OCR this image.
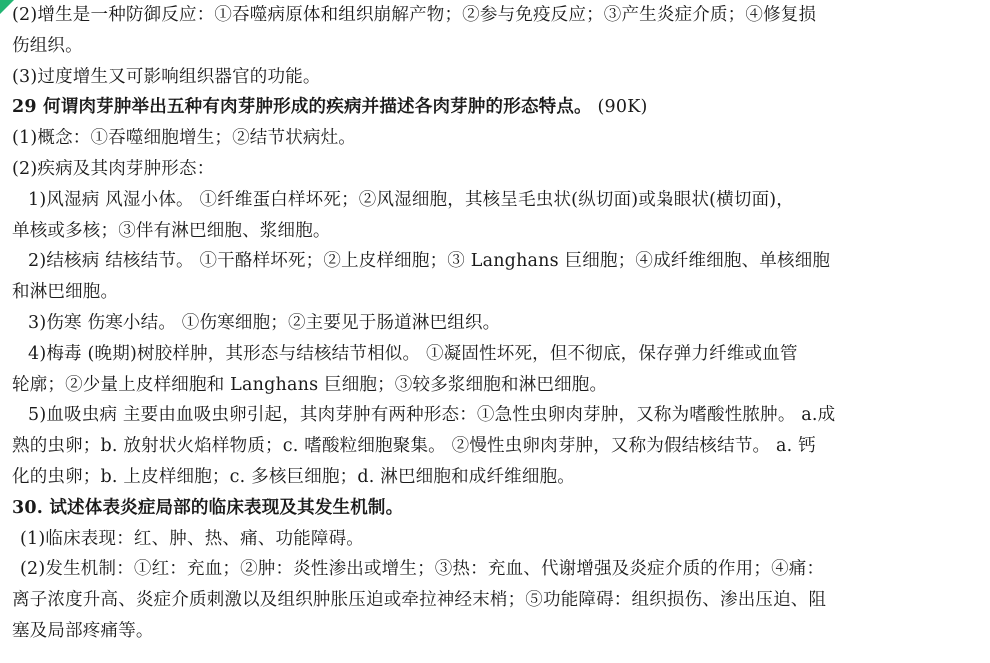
(2)增生是一种防御反应：①吞噬病原体和组织崩解产物；②参与免疫反应；③产生炎症介质；④修复损
伤组织。
(3)过度增生又可影响组织器官的功能。
29 何谓肉芽肿举出五种有肉芽肿形成的疾病并描述各肉芽肿的形态特点。 (90K)
(1)概念：①吞噬细胞增生；②结节状病灶。
(2)疾病及其肉芽肿形态：
1)风湿病 风湿小体。 ①纤维蛋白样坏死；②风湿细胞，其核呈毛虫状(纵切面)或枭眼状(横切面)，
单核或多核；③伴有淋巴细胞、浆细胞。
2)结核病 结核结节。 ①干酪样坏死；②上皮样细胞；③ Langhans 巨细胞；④成纤维细胞、单核细胞
和淋巴细胞。
3)伤寒 伤寒小结。 ①伤寒细胞；②主要见于肠道淋巴组织。
4)梅毒 (晚期)树胶样肿，其形态与结核结节相似。 ①凝固性坏死，但不彻底，保存弹力纤维或血管
轮廓；②少量上皮样细胞和 Langhans 巨细胞；③较多浆细胞和淋巴细胞。
5)血吸虫病 主要由血吸虫卵引起，其肉芽肿有两种形态：①急性虫卵肉芽肿，又称为嗜酸性脓肿。 a.成
熟的虫卵；b. 放射状火焰样物质；c. 嗜酸粒细胞聚集。 ②慢性虫卵肉芽肿，又称为假结核结节。 a. 钙
化的虫卵；b. 上皮样细胞；c. 多核巨细胞；d. 淋巴细胞和成纤维细胞。
30. 试述体表炎症局部的临床表现及其发生机制。
(1)临床表现：红、肿、热、痛、功能障碍。
(2)发生机制：①红：充血；②肿：炎性渗出或增生；③热：充血、代谢增强及炎症介质的作用；④痛：
离子浓度升高、炎症介质刺激以及组织肿胀压迫或牵拉神经末梢；⑤功能障碍：组织损伤、渗出压迫、阻
塞及局部疼痛等。
